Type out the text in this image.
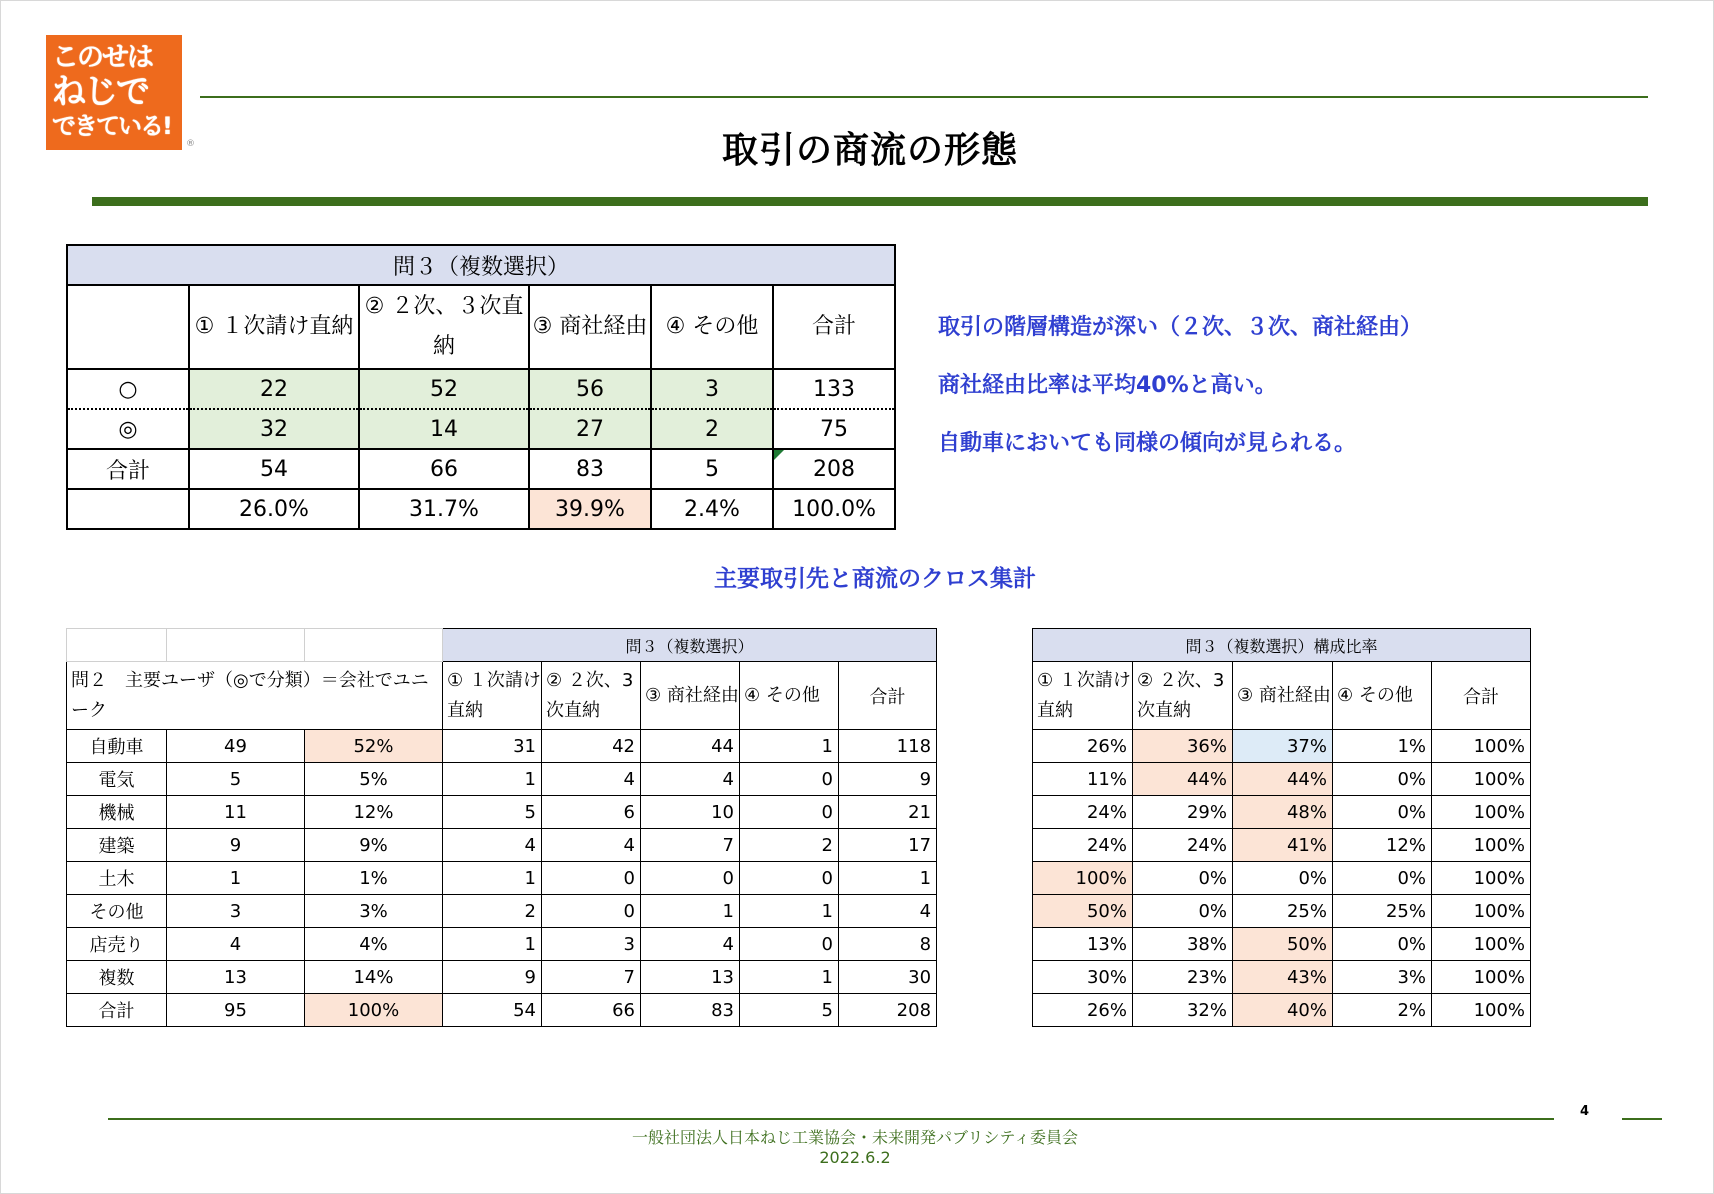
このせは
ねじで
できている!
®	取引の商流の形態
問３（複数選択）					
	① １次請け直納	② ２次、３次直納	③ 商社経由	④ その他	合計
○	22	52	56	3	133
◎	32	14	27	2	75
合計	54	66	83	5	208
	26.0%	31.7%	39.9%	2.4%	100.0%
取引の階層構造が深い（２次、３次、商社経由）
商社経由比率は平均40%と高い。
自動車においても同様の傾向が見られる。
主要取引先と商流のクロス集計
			問３（複数選択）				
問２　主要ユーザ（◎で分類）＝会社でユニーク			① １次請け直納	② ２次、3次直納	③ 商社経由	④ その他	合計
自動車	49	52%	31	42	44	1	118
電気	5	5%	1	4	4	0	9
機械	11	12%	5	6	10	0	21
建築	9	9%	4	4	7	2	17
土木	1	1%	1	0	0	0	1
その他	3	3%	2	0	1	1	4
店売り	4	4%	1	3	4	0	8
複数	13	14%	9	7	13	1	30
合計	95	100%	54	66	83	5	208
問３（複数選択）構成比率				
① １次請け直納	② ２次、3次直納	③ 商社経由	④ その他	合計
26%	36%	37%	1%	100%
11%	44%	44%	0%	100%
24%	29%	48%	0%	100%
24%	24%	41%	12%	100%
100%	0%	0%	0%	100%
50%	0%	25%	25%	100%
13%	38%	50%	0%	100%
30%	23%	43%	3%	100%
26%	32%	40%	2%	100%
4
一般社団法人日本ねじ工業協会・未来開発パブリシティ委員会
2022.6.2
